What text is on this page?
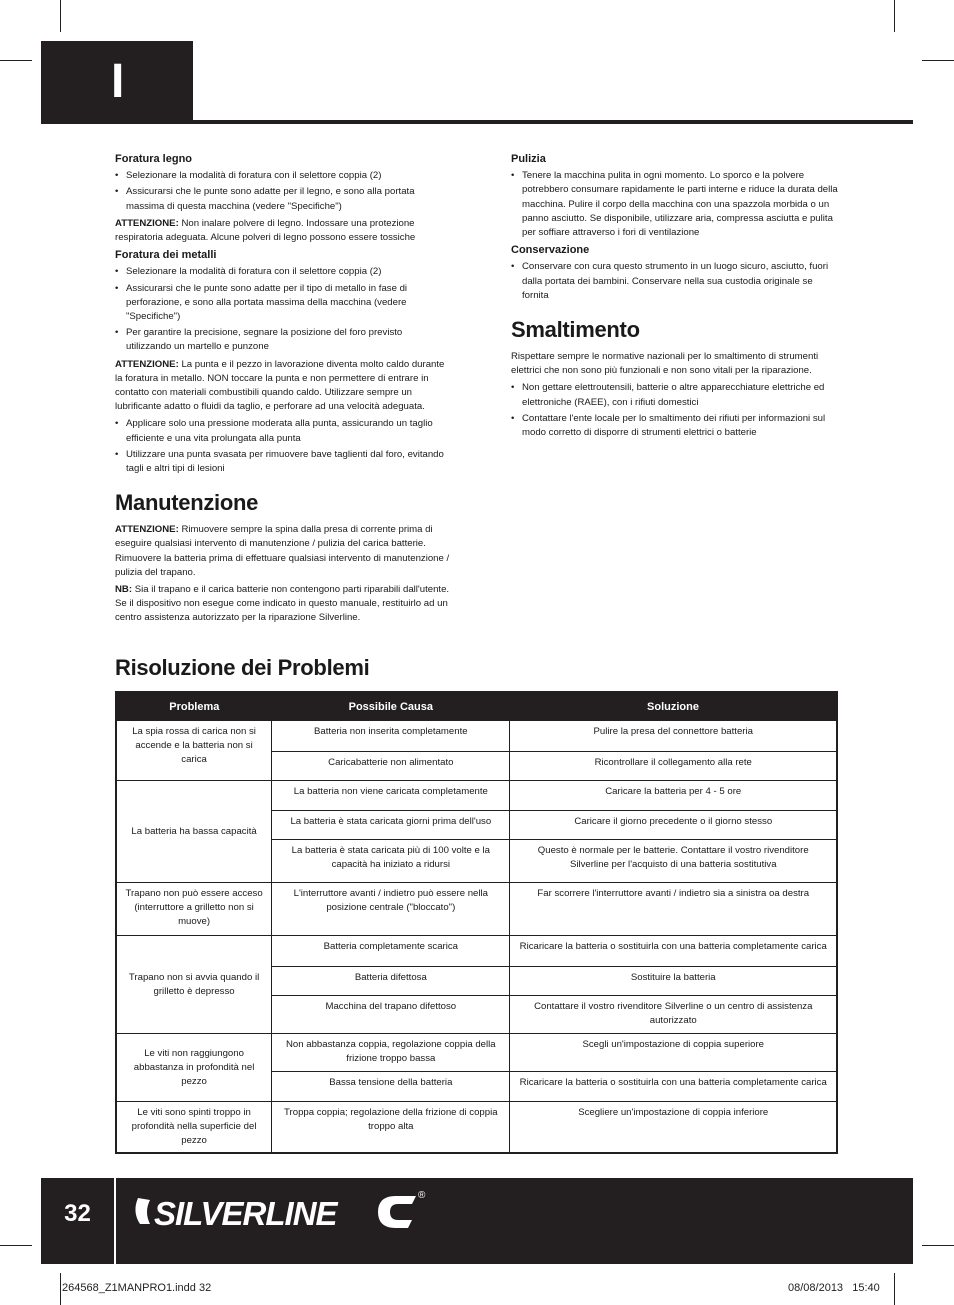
I
Foratura legno
• Selezionare la modalità di foratura con il selettore coppia (2)
• Assicurarsi che le punte sono adatte per il legno, e sono alla portata massima di questa macchina (vedere "Specifiche")

ATTENZIONE: Non inalare polvere di legno. Indossare una protezione respiratoria adeguata. Alcune polveri di legno possono essere tossiche

Foratura dei metalli
• Selezionare la modalità di foratura con il selettore coppia (2)
• Assicurarsi che le punte sono adatte per il tipo di metallo in fase di perforazione, e sono alla portata massima della macchina (vedere "Specifiche")
• Per garantire la precisione, segnare la posizione del foro previsto utilizzando un martello e punzone

ATTENZIONE: La punta e il pezzo in lavorazione diventa molto caldo durante la foratura in metallo. NON toccare la punta e non permettere di entrare in contatto con materiali combustibili quando caldo. Utilizzare sempre un lubrificante adatto o fluidi da taglio, e perforare ad una velocità adeguata.

• Applicare solo una pressione moderata alla punta, assicurando un taglio efficiente e una vita prolungata alla punta
• Utilizzare una punta svasata per rimuovere bave taglienti dal foro, evitando tagli e altri tipi di lesioni
Manutenzione

ATTENZIONE: Rimuovere sempre la spina dalla presa di corrente prima di eseguire qualsiasi intervento di manutenzione / pulizia del carica batterie. Rimuovere la batteria prima di effettuare qualsiasi intervento di manutenzione / pulizia del trapano.

NB: Sia il trapano e il carica batterie non contengono parti riparabili dall'utente. Se il dispositivo non esegue come indicato in questo manuale, restituirlo ad un centro assistenza autorizzato per la riparazione Silverline.

Pulizia
• Tenere la macchina pulita in ogni momento. Lo sporco e la polvere potrebbero consumare rapidamente le parti interne e riduce la durata della macchina. Pulire il corpo della macchina con una spazzola morbida o un panno asciutto. Se disponibile, utilizzare aria, compressa asciutta e pulita per soffiare attraverso i fori di ventilazione
Conservazione
• Conservare con cura questo strumento in un luogo sicuro, asciutto, fuori dalla portata dei bambini. Conservare nella sua custodia originale se fornita
Smaltimento

Rispettare sempre le normative nazionali per lo smaltimento di strumenti elettrici che non sono più funzionali e non sono vitali per la riparazione.

• Non gettare elettroutensili, batterie o altre apparecchiature elettriche ed elettroniche (RAEE), con i rifiuti domestici
• Contattare l'ente locale per lo smaltimento dei rifiuti per informazioni sul modo corretto di disporre di strumenti elettrici o batterie
Risoluzione dei Problemi
Problema	Possibile Causa	Soluzione
La spia rossa di carica non si accende e la batteria non si carica	Batteria non inserita completamente	Pulire la presa del connettore batteria
	Caricabatterie non alimentato	Ricontrollare il collegamento alla rete
La batteria ha bassa capacità	La batteria non viene caricata completamente	Caricare la batteria per 4 - 5 ore
	La batteria è stata caricata giorni prima dell'uso	Caricare il giorno precedente o il giorno stesso
	La batteria è stata caricata più di 100 volte e la capacità ha iniziato a ridursi	Questo è normale per le batterie. Contattare il vostro rivenditore Silverline per l'acquisto di una batteria sostitutiva
Trapano non può essere acceso (interruttore a grilletto non si muove)	L'interruttore avanti / indietro può essere nella posizione centrale ("bloccato")	Far scorrere l'interruttore avanti / indietro sia a sinistra oa destra
Trapano non si avvia quando il grilletto è depresso	Batteria completamente scarica	Ricaricare la batteria o sostituirla con una batteria completamente carica
	Batteria difettosa	Sostituire la batteria
	Macchina del trapano difettoso	Contattare il vostro rivenditore Silverline o un centro di assistenza autorizzato
Le viti non raggiungono abbastanza in profondità nel pezzo	Non abbastanza coppia, regolazione coppia della frizione troppo bassa	Scegli un'impostazione di coppia superiore
	Bassa tensione della batteria	Ricaricare la batteria o sostituirla con una batteria completamente carica
Le viti sono spinti troppo in profondità nella superficie del pezzo	Troppa coppia; regolazione della frizione di coppia troppo alta	Scegliere un'impostazione di coppia inferiore
32	SILVERLINE	®
264568_Z1MANPRO1.indd 32	08/08/2013   15:40
